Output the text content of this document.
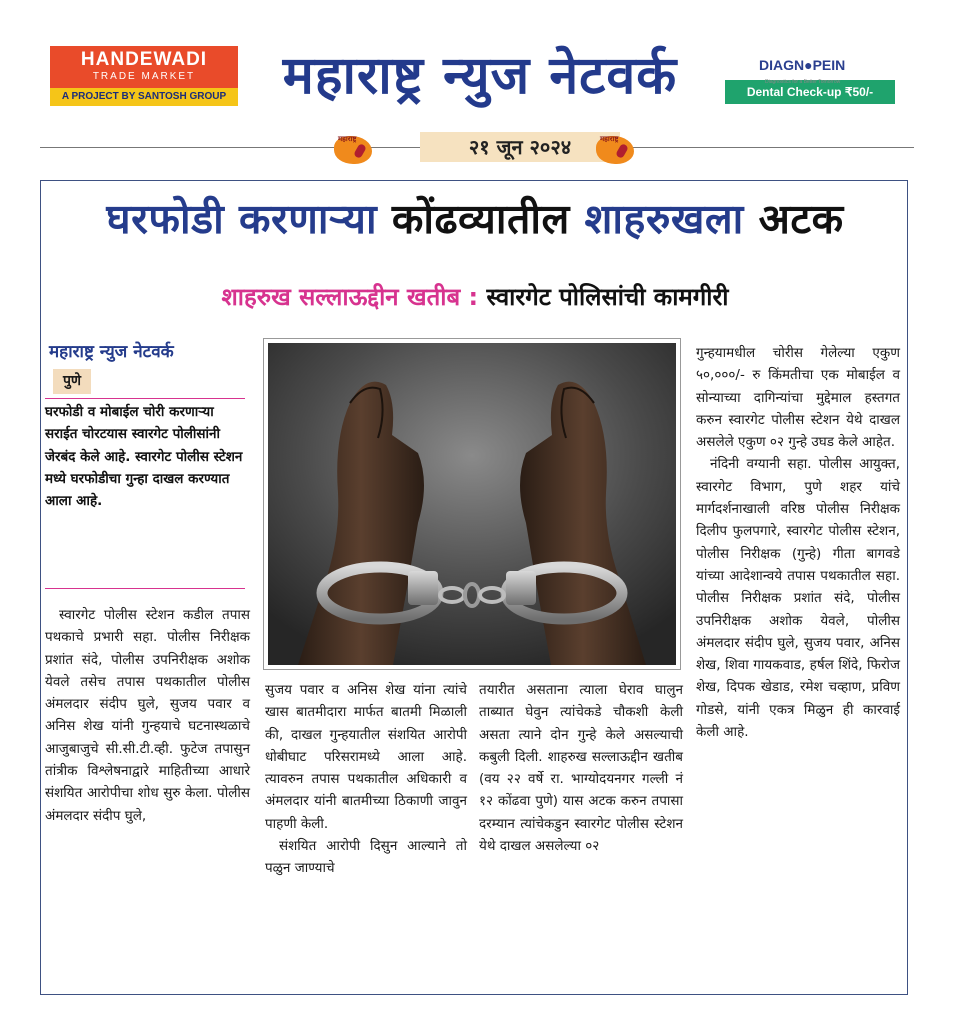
HANDEWADI
TRADE MARKET
A PROJECT BY SANTOSH GROUP	महाराष्ट्र न्युज नेटवर्क	DIAGN●PEIN
Diagnostics for a Better Tomorrow
Dental Check-up ₹50/-
महाराष्ट्र	२१ जून २०२४	महाराष्ट्र
घरफोडी करणाऱ्या कोंढव्यातील शाहरुखला अटक
शाहरुख सल्लाऊद्दीन खतीब : स्वारगेट पोलिसांची कामगीरी
महाराष्ट्र न्युज नेटवर्क
पुणे
घरफोडी व मोबाईल चोरी करणाऱ्या सराईत चोरटयास स्वारगेट पोलीसांनी जेरबंद केले आहे. स्वारगेट पोलीस स्टेशन मध्ये घरफोडीचा गुन्हा दाखल करण्यात आला आहे.

स्वारगेट पोलीस स्टेशन कडील तपास पथकाचे प्रभारी सहा. पोलीस निरीक्षक प्रशांत संदे, पोलीस उपनिरीक्षक अशोक येवले तसेच तपास पथकातील पोलीस अंमलदार संदीप घुले, सुजय पवार व अनिस शेख यांनी गुन्हयाचे घटनास्थळाचे आजुबाजुचे सी.सी.टी.व्ही. फुटेज तपासुन तांत्रीक विश्लेषनाद्वारे माहितीच्या आधारे संशयित आरोपीचा शोध सुरु केला. पोलीस अंमलदार संदीप घुले,

सुजय पवार व अनिस शेख यांना त्यांचे खास बातमीदारा मार्फत बातमी मिळाली की, दाखल गुन्हयातील संशयित आरोपी धोबीघाट परिसरामध्ये आला आहे. त्यावरुन तपास पथकातील अधिकारी व अंमलदार यांनी बातमीच्या ठिकाणी जावुन पाहणी केली.

संशयित आरोपी दिसुन आल्याने तो पळुन जाण्याचे

तयारीत असताना त्याला घेराव घालुन ताब्यात घेवुन त्यांचेकडे चौकशी केली असता त्याने दोन गुन्हे केले असल्याची कबुली दिली. शाहरुख सल्लाऊद्दीन खतीब (वय २२ वर्षे रा. भाग्योदयनगर गल्ली नं १२ कोंढवा पुणे) यास अटक करुन तपासा दरम्यान त्यांचेकडुन स्वारगेट पोलीस स्टेशन येथे दाखल असलेल्या ०२

गुन्हयामधील चोरीस गेलेल्या एकुण ५०,०००/- रु किंमतीचा एक मोबाईल व सोन्याच्या दागिन्यांचा मुद्देमाल हस्तगत करुन स्वारगेट पोलीस स्टेशन येथे दाखल असलेले एकुण ०२ गुन्हे उघड केले आहेत.

नंदिनी वग्यानी सहा. पोलीस आयुक्त, स्वारगेट विभाग, पुणे शहर यांचे मार्गदर्शनाखाली वरिष्ठ पोलीस निरीक्षक दिलीप फुलपगारे, स्वारगेट पोलीस स्टेशन, पोलीस निरीक्षक (गुन्हे) गीता बागवडे यांच्या आदेशान्वये तपास पथकातील सहा. पोलीस निरीक्षक प्रशांत संदे, पोलीस उपनिरीक्षक अशोक येवले, पोलीस अंमलदार संदीप घुले, सुजय पवार, अनिस शेख, शिवा गायकवाड, हर्षल शिंदे, फिरोज शेख, दिपक खेडाड, रमेश चव्हाण, प्रविण गोडसे, यांनी एकत्र मिळुन ही कारवाई केली आहे.
